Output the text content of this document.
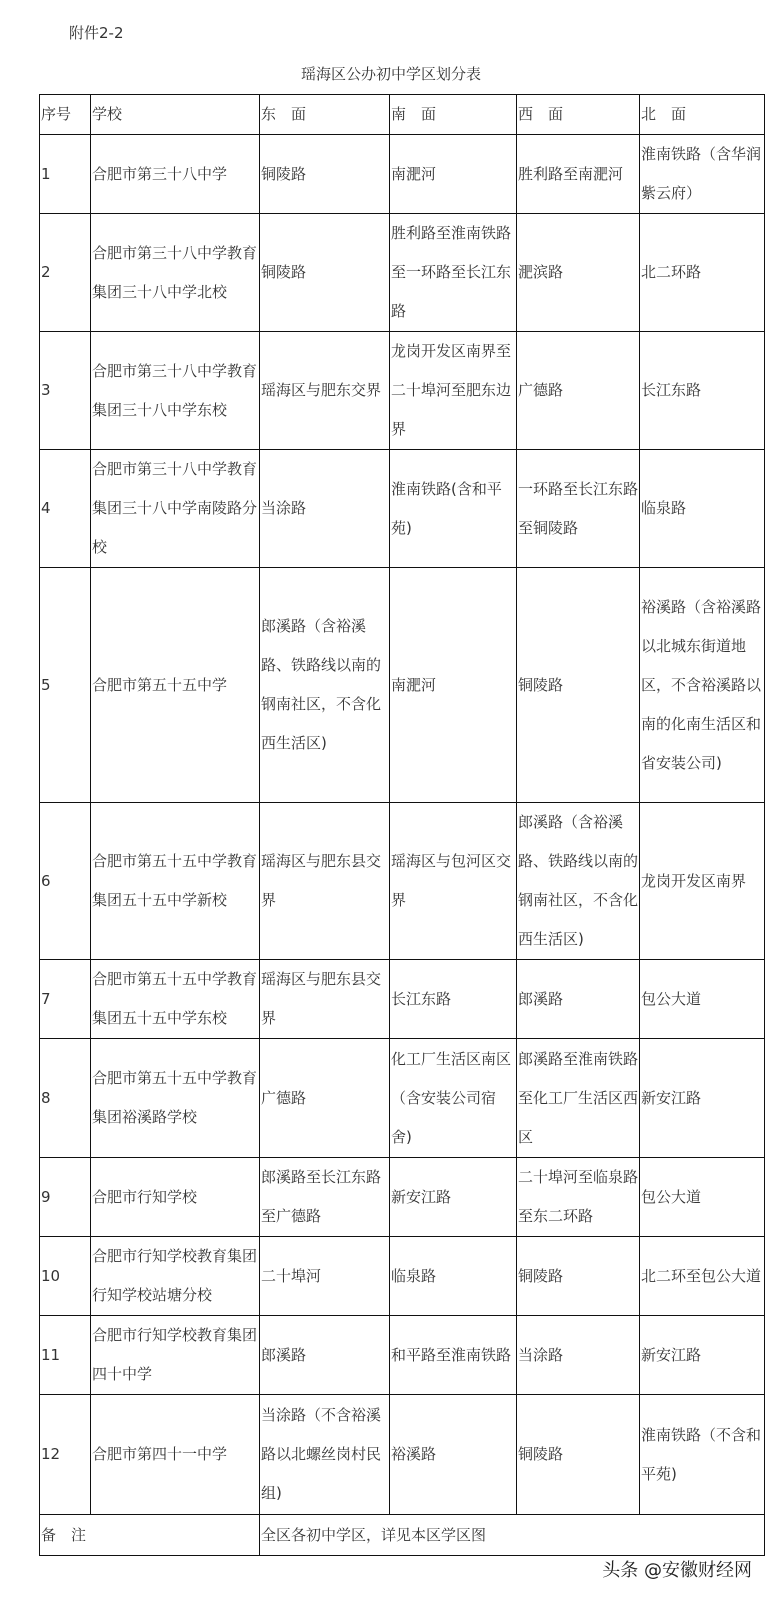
附件2-2
瑶海区公办初中学区划分表
序号	学校	东　面	南　面	西　面	北　面
1	合肥市第三十八中学	铜陵路	南淝河	胜利路至南淝河	淮南铁路（含华润紫云府）
2	合肥市第三十八中学教育集团三十八中学北校	铜陵路	胜利路至淮南铁路至一环路至长江东路	淝滨路	北二环路
3	合肥市第三十八中学教育集团三十八中学东校	瑶海区与肥东交界	龙岗开发区南界至二十埠河至肥东边界	广德路	长江东路
4	合肥市第三十八中学教育集团三十八中学南陵路分校	当涂路	淮南铁路(含和平苑)	一环路至长江东路至铜陵路	临泉路
5	合肥市第五十五中学	郎溪路（含裕溪路、铁路线以南的钢南社区，不含化西生活区)	南淝河	铜陵路	裕溪路（含裕溪路以北城东街道地区，不含裕溪路以南的化南生活区和省安装公司)
6	合肥市第五十五中学教育集团五十五中学新校	瑶海区与肥东县交界	瑶海区与包河区交界	郎溪路（含裕溪路、铁路线以南的钢南社区，不含化西生活区)	龙岗开发区南界
7	合肥市第五十五中学教育集团五十五中学东校	瑶海区与肥东县交界	长江东路	郎溪路	包公大道
8	合肥市第五十五中学教育集团裕溪路学校	广德路	化工厂生活区南区（含安装公司宿舍)	郎溪路至淮南铁路至化工厂生活区西区	新安江路
9	合肥市行知学校	郎溪路至长江东路至广德路	新安江路	二十埠河至临泉路至东二环路	包公大道
10	合肥市行知学校教育集团行知学校站塘分校	二十埠河	临泉路	铜陵路	北二环至包公大道
11	合肥市行知学校教育集团四十中学	郎溪路	和平路至淮南铁路	当涂路	新安江路
12	合肥市第四十一中学	当涂路（不含裕溪路以北螺丝岗村民组)	裕溪路	铜陵路	淮南铁路（不含和平苑)
备　注		全区各初中学区，详见本区学区图			
头条 @安徽财经网
